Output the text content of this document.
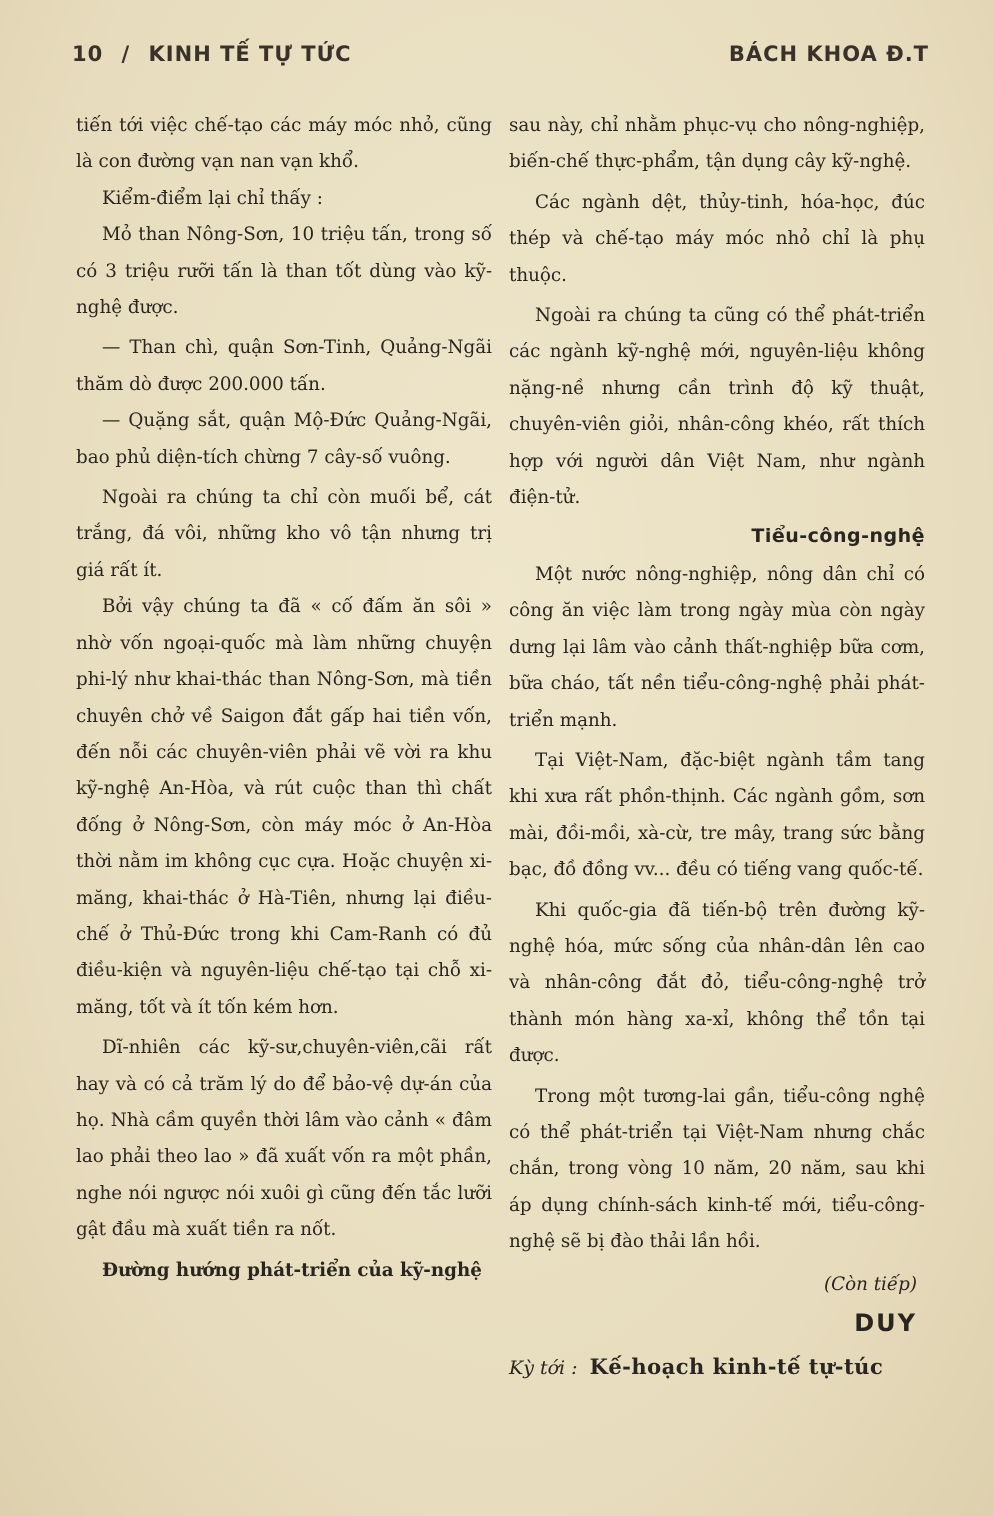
10 / KINH TẾ TỰ TỨC	BÁCH KHOA Đ.T

tiến tới việc chế-tạo các máy móc nhỏ, cũng là con đường vạn nan vạn khổ.

Kiểm-điểm lại chỉ thấy :

Mỏ than Nông-Sơn, 10 triệu tấn, trong số có 3 triệu rưỡi tấn là than tốt dùng vào kỹ-nghệ được.

— Than chì, quận Sơn-Tinh, Quảng-Ngãi thăm dò được 200.000 tấn.

— Quặng sắt, quận Mộ-Đức Quảng-Ngãi, bao phủ diện-tích chừng 7 cây-số vuông.

Ngoài ra chúng ta chỉ còn muối bể, cát trắng, đá vôi, những kho vô tận nhưng trị giá rất ít.

Bởi vậy chúng ta đã « cố đấm ăn sôi » nhờ vốn ngoại-quốc mà làm những chuyện phi-lý như khai-thác than Nông-Sơn, mà tiền chuyên chở về Saigon đắt gấp hai tiền vốn, đến nỗi các chuyên-viên phải vẽ vời ra khu kỹ-nghệ An-Hòa, và rút cuộc than thì chất đống ở Nông-Sơn, còn máy móc ở An-Hòa thời nằm im không cục cựa. Hoặc chuyện xi-măng, khai-thác ở Hà-Tiên, nhưng lại điều-chế ở Thủ-Đức trong khi Cam-Ranh có đủ điều-kiện và nguyên-liệu chế-tạo tại chỗ xi-măng, tốt và ít tốn kém hơn.

Dĩ-nhiên các kỹ-sư,chuyên-viên,cãi rất hay và có cả trăm lý do để bảo-vệ dự-án của họ. Nhà cầm quyền thời lâm vào cảnh « đâm lao phải theo lao » đã xuất vốn ra một phần, nghe nói ngược nói xuôi gì cũng đến tắc lưỡi gật đầu mà xuất tiền ra nốt.

Đường hướng phát-triển của kỹ-nghệ

sau này, chỉ nhằm phục-vụ cho nông-nghiệp, biến-chế thực-phẩm, tận dụng cây kỹ-nghệ.

Các ngành dệt, thủy-tinh, hóa-học, đúc thép và chế-tạo máy móc nhỏ chỉ là phụ thuộc.

Ngoài ra chúng ta cũng có thể phát-triển các ngành kỹ-nghệ mới, nguyên-liệu không nặng-nề nhưng cần trình độ kỹ thuật, chuyên-viên giỏi, nhân-công khéo, rất thích hợp với người dân Việt Nam, như ngành điện-tử.

Tiểu-công-nghệ

Một nước nông-nghiệp, nông dân chỉ có công ăn việc làm trong ngày mùa còn ngày dưng lại lâm vào cảnh thất-nghiệp bữa cơm, bữa cháo, tất nền tiểu-công-nghệ phải phát-triển mạnh.

Tại Việt-Nam, đặc-biệt ngành tầm tang khi xưa rất phồn-thịnh. Các ngành gồm, sơn mài, đồi-mồi, xà-cừ, tre mây, trang sức bằng bạc, đồ đồng vv... đều có tiếng vang quốc-tế.

Khi quốc-gia đã tiến-bộ trên đường kỹ-nghệ hóa, mức sống của nhân-dân lên cao và nhân-công đắt đỏ, tiểu-công-nghệ trở thành món hàng xa-xỉ, không thể tồn tại được.

Trong một tương-lai gần, tiểu-công nghệ có thể phát-triển tại Việt-Nam nhưng chắc chắn, trong vòng 10 năm, 20 năm, sau khi áp dụng chính-sách kinh-tế mới, tiểu-công-nghệ sẽ bị đào thải lần hồi.

(Còn tiếp)
DUY
Kỳ tới : Kế-hoạch kinh-tế tự-túc
